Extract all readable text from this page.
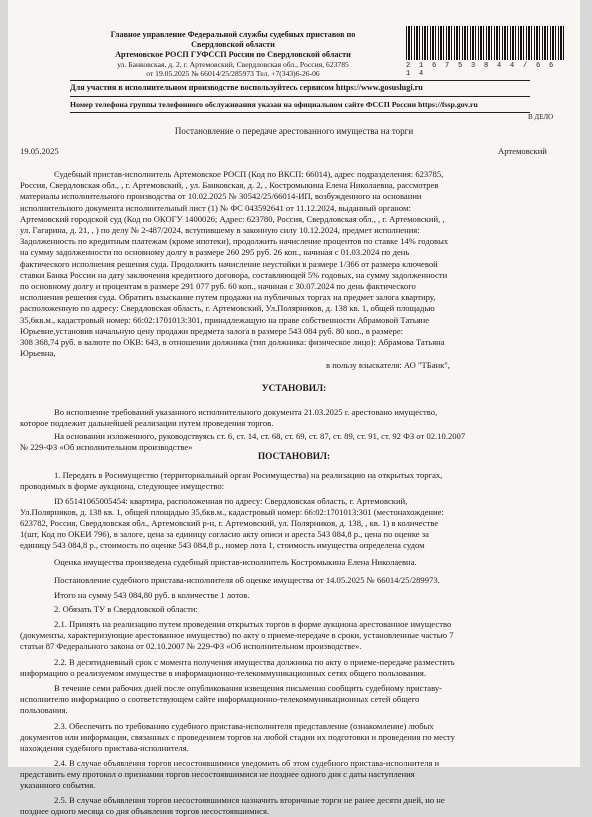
Главное управление Федеральной службы судебных приставов по
Свердловской области
Артемовское РОСП ГУФССП России по Свердловской области
ул. Банковская, д. 2, г. Артемовский, Свердловская обл., Россия, 623785
от 19.05.2025 № 66014/25/285973 Тел. +7(343)6-26-06
2 1 6 7 5 3 8 4 4 / 6 6 1 4
Для участия в исполнительном производстве воспользуйтесь сервисом https://www.gosuslugi.ru
Номер телефона группы телефонного обслуживания указан на официальном сайте ФССП России https://fssp.gov.ru
В ДЕЛО
Постановление о передаче арестованного имущества на торги
19.05.2025	Артемовский
Судебный пристав-исполнитель Артемовское РОСП (Код по ВКСП: 66014), адрес подразделения: 623785,
Россия, Свердловская обл., , г. Артемовский, , ул. Банковская, д. 2, , Костромыкина Елена Николаевна, рассмотрев
материалы исполнительного производства от 10.02.2025 № 30542/25/66014-ИП, возбужденного на основании
исполнительного документа исполнительный лист (1) № ФС 043592641 от 11.12.2024, выданный органом:
Артемовский городской суд (Код по ОКОГУ 1400026; Адрес: 623780, Россия, Свердловская обл., , г. Артемовский, ,
ул. Гагарина, д. 21, , ) по делу № 2-487/2024, вступившему в законную силу 10.12.2024, предмет исполнения:
Задолженность по кредитным платежам (кроме ипотеки), продолжить начисление процентов по ставке 14% годовых
на сумму задолженности по основному долгу в размере 260 295 руб. 26 коп., начиная с 01.03.2024 по день
фактического исполнения решения суда. Продолжить начисление неустойки в размере 1/366 от размера ключевой
ставки Банка России на дату заключения кредитного договора, составляющей 5% годовых, на сумму задолженности
по основному долгу и процентам в размере 291 077 руб. 60 коп., начиная с 30.07.2024 по день фактического
исполнения решения суда. Обратить взыскание путем продажи на публичных торгах на предмет залога квартиру,
расположенную по адресу: Свердловская область, г. Артемовский, Ул.Полярников, д. 138 кв. 1, общей площадью
35,6кв.м., кадастровый номер: 66:02:1701013:301, принадлежащую на праве собственности Абрамовой Татьяне
Юрьевне,установив начальную цену продажи предмета залога в размере 543 084 руб. 80 коп., в размере:
308 368,74 руб. в валюте по ОКВ: 643, в отношении должника (тип должника: физическое лицо): Абрамова Татьяна
Юрьевна,
в пользу взыскателя: АО "ТБанк",
УСТАНОВИЛ:
Во исполнение требований указанного исполнительного документа 21.03.2025 г. арестовано имущество,
которое подлежит дальнейшей реализации путем проведения торгов.
На основании изложенного, руководствуясь ст. 6, ст. 14, ст. 68, ст. 69, ст. 87, ст. 89, ст. 91, ст. 92 ФЗ от 02.10.2007
№ 229-ФЗ «Об исполнительном производстве»
ПОСТАНОВИЛ:
1. Передать в Росимущество (территориальный орган Росимущества) на реализацию на открытых торгах,
проводимых в форме аукциона, следующее имущество:
ID 65141065005454: квартира, расположенная по адресу: Свердловская область, г. Артемовский,
Ул.Полярников, д. 138 кв. 1, общей площадью 35,6кв.м., кадастровый номер: 66:02:1701013:301 (местонахождение:
623782, Россия, Свердловская обл., Артемовский р-н, г. Артемовский, ул. Полярников, д. 138, , кв. 1) в количестве
1(шт, Код по ОКЕИ 796), в залоге, цена за единицу согласно акту описи и ареста 543 084,8 р., цена по оценке за
единицу 543 084,8 р., стоимость по оценке 543 084,8 р., номер лота 1, стоимость имущества определена судом
Оценка имущества произведена судебный пристав-исполнитель Костромыкина Елена Николаевна.
Постановление судебного пристава-исполнителя об оценке имущества от 14.05.2025 № 66014/25/289973.
Итого на сумму 543 084,80 руб. в количестве 1 лотов.
2. Обязать ТУ в Свердловской области:
2.1. Принять на реализацию путем проведения открытых торгов в форме аукциона арестованное имущество
(документы, характеризующие арестованное имущество) по акту о приеме-передаче в сроки, установленные частью 7
статьи 87 Федерального закона от 02.10.2007 № 229-ФЗ «Об исполнительном производстве».
2.2. В десятидневный срок с момента получения имущества должника по акту о приеме-передаче разместить
информацию о реализуемом имуществе в информационно-телекоммуникационных сетях общего пользования.
В течение семи рабочих дней после опубликования извещения письменно сообщить судебному приставу-
исполнителю информацию о соответствующем сайте информационно-телекоммуникационных сетей общего
пользования.
2.3. Обеспечить по требованию судебного пристава-исполнителя представление (ознакомление) любых
документов или информации, связанных с проведением торгов на любой стадии их подготовки и проведения по месту
нахождения судебного пристава-исполнителя.
2.4. В случае объявления торгов несостоявшимися уведомить об этом судебного пристава-исполнителя и
представить ему протокол о признании торгов несостоявшимися не позднее одного дня с даты наступления
указанного события.
2.5. В случае объявления торгов несостоявшимися назначить вторичные торги не ранее десяти дней, но не
позднее одного месяца со дня объявления торгов несостоявшимися.
